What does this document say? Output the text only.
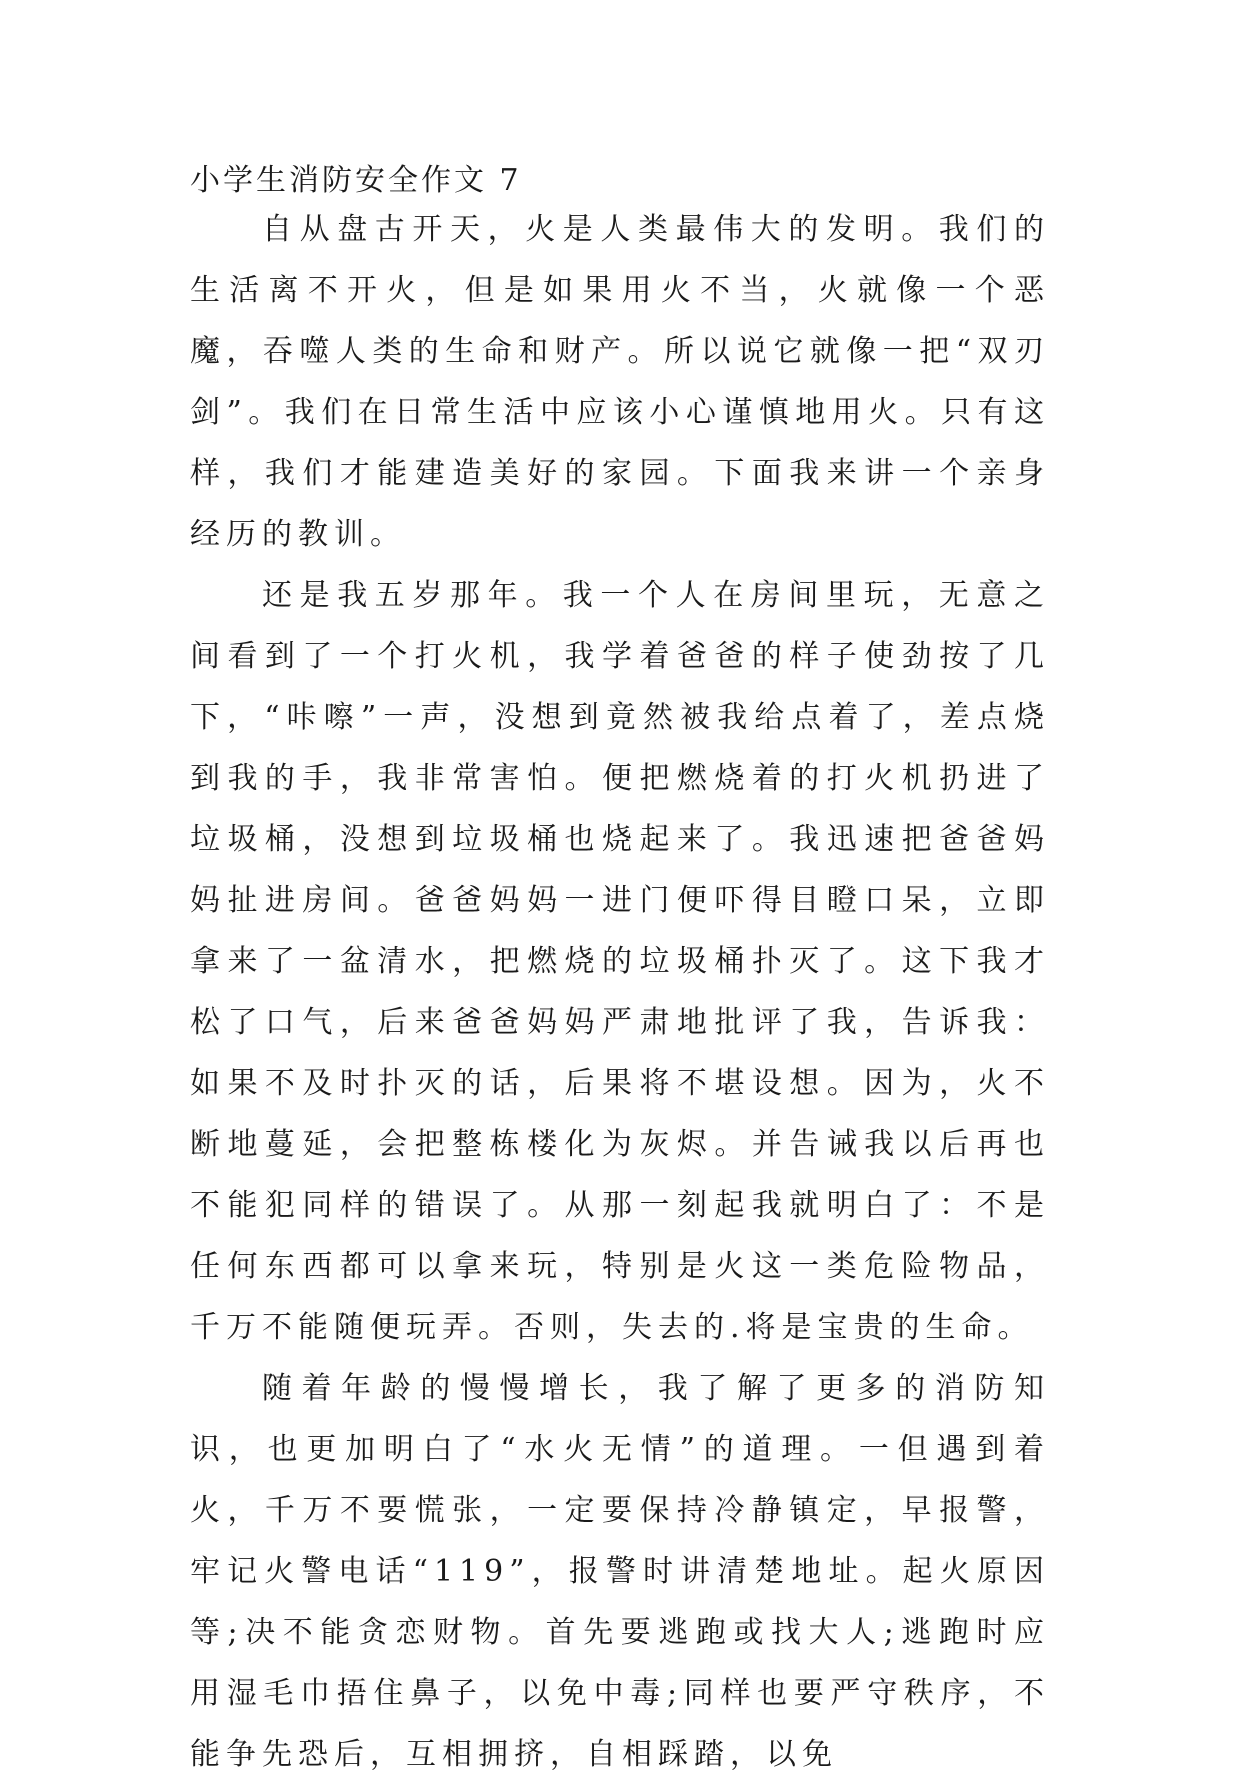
小学生消防安全作文 7

自从盘古开天，火是人类最伟大的发明。我们的生活离不开火，但是如果用火不当，火就像一个恶魔，吞噬人类的生命和财产。所以说它就像一把“双刃剑”。我们在日常生活中应该小心谨慎地用火。只有这样，我们才能建造美好的家园。下面我来讲一个亲身经历的教训。

还是我五岁那年。我一个人在房间里玩，无意之间看到了一个打火机，我学着爸爸的样子使劲按了几下，“咔嚓”一声，没想到竟然被我给点着了，差点烧到我的手，我非常害怕。便把燃烧着的打火机扔进了垃圾桶，没想到垃圾桶也烧起来了。我迅速把爸爸妈妈扯进房间。爸爸妈妈一进门便吓得目瞪口呆，立即拿来了一盆清水，把燃烧的垃圾桶扑灭了。这下我才松了口气，后来爸爸妈妈严肃地批评了我，告诉我：如果不及时扑灭的话，后果将不堪设想。因为，火不断地蔓延，会把整栋楼化为灰烬。并告诫我以后再也不能犯同样的错误了。从那一刻起我就明白了：不是任何东西都可以拿来玩，特别是火这一类危险物品，千万不能随便玩弄。否则，失去的.将是宝贵的生命。

随着年龄的慢慢增长，我了解了更多的消防知识，也更加明白了“水火无情”的道理。一但遇到着火，千万不要慌张，一定要保持冷静镇定，早报警，牢记火警电话“119”，报警时讲清楚地址。起火原因等;决不能贪恋财物。首先要逃跑或找大人;逃跑时应用湿毛巾捂住鼻子，以免中毒;同样也要严守秩序，不能争先恐后，互相拥挤，自相踩踏，以免
